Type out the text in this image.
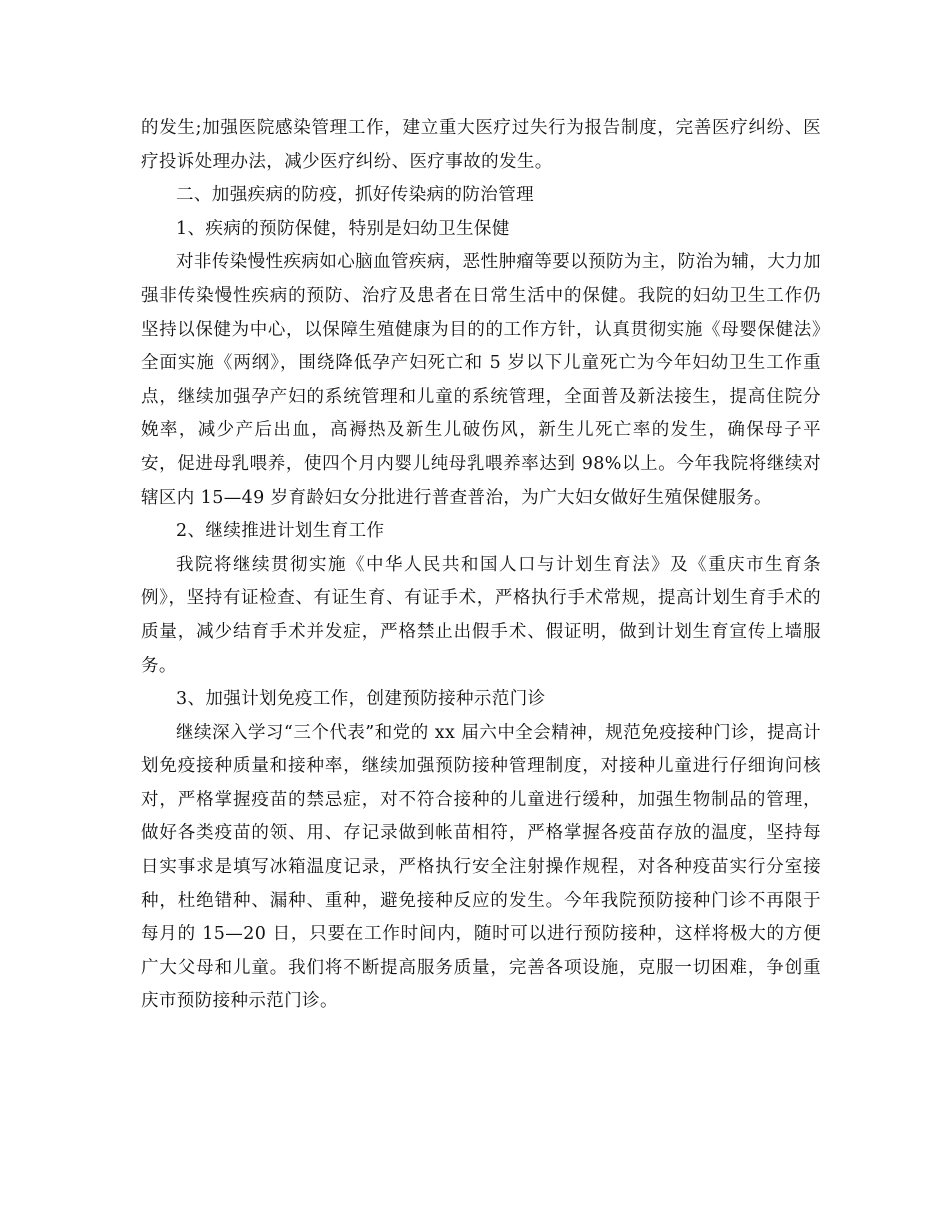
的发生;加强医院感染管理工作，建立重大医疗过失行为报告制度，完善医疗纠纷、医疗投诉处理办法，减少医疗纠纷、医疗事故的发生。

二、加强疾病的防疫，抓好传染病的防治管理

1、疾病的预防保健，特别是妇幼卫生保健

对非传染慢性疾病如心脑血管疾病，恶性肿瘤等要以预防为主，防治为辅，大力加强非传染慢性疾病的预防、治疗及患者在日常生活中的保健。我院的妇幼卫生工作仍坚持以保健为中心，以保障生殖健康为目的的工作方针，认真贯彻实施《母婴保健法》全面实施《两纲》，围绕降低孕产妇死亡和 5 岁以下儿童死亡为今年妇幼卫生工作重点，继续加强孕产妇的系统管理和儿童的系统管理，全面普及新法接生，提高住院分娩率，减少产后出血，高褥热及新生儿破伤风，新生儿死亡率的发生，确保母子平安，促进母乳喂养，使四个月内婴儿纯母乳喂养率达到 98%以上。今年我院将继续对辖区内 15—49 岁育龄妇女分批进行普查普治，为广大妇女做好生殖保健服务。

2、继续推进计划生育工作

我院将继续贯彻实施《中华人民共和国人口与计划生育法》及《重庆市生育条例》，坚持有证检查、有证生育、有证手术，严格执行手术常规，提高计划生育手术的质量，减少结育手术并发症，严格禁止出假手术、假证明，做到计划生育宣传上墙服务。

3、加强计划免疫工作，创建预防接种示范门诊

继续深入学习“三个代表”和党的 xx 届六中全会精神，规范免疫接种门诊，提高计划免疫接种质量和接种率，继续加强预防接种管理制度，对接种儿童进行仔细询问核对，严格掌握疫苗的禁忌症，对不符合接种的儿童进行缓种，加强生物制品的管理，做好各类疫苗的领、用、存记录做到帐苗相符，严格掌握各疫苗存放的温度，坚持每日实事求是填写冰箱温度记录，严格执行安全注射操作规程，对各种疫苗实行分室接种，杜绝错种、漏种、重种，避免接种反应的发生。今年我院预防接种门诊不再限于每月的 15—20 日，只要在工作时间内，随时可以进行预防接种，这样将极大的方便广大父母和儿童。我们将不断提高服务质量，完善各项设施，克服一切困难，争创重庆市预防接种示范门诊。
